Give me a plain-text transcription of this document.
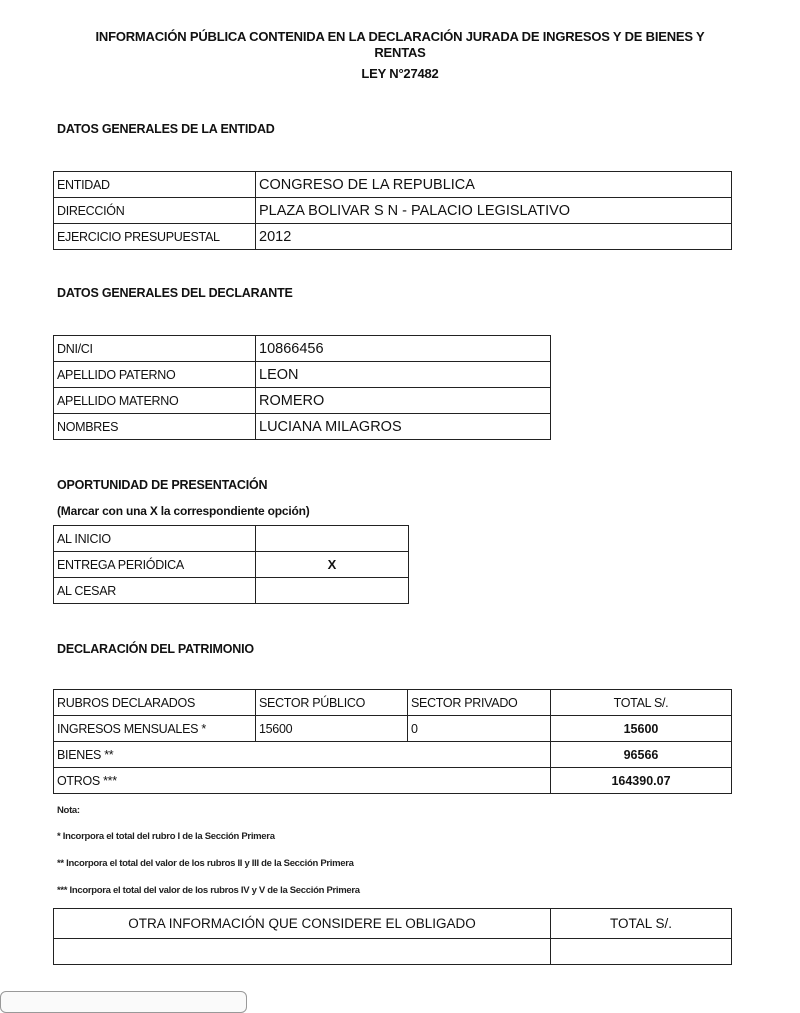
INFORMACIÓN PÚBLICA CONTENIDA EN LA DECLARACIÓN JURADA DE INGRESOS Y DE BIENES Y
RENTAS
LEY N°27482
DATOS GENERALES DE LA ENTIDAD
ENTIDAD	CONGRESO DE LA REPUBLICA
DIRECCIÓN	PLAZA BOLIVAR S N - PALACIO LEGISLATIVO
EJERCICIO PRESUPUESTAL	2012
DATOS GENERALES DEL DECLARANTE
DNI/CI	10866456
APELLIDO PATERNO	LEON
APELLIDO MATERNO	ROMERO
NOMBRES	LUCIANA MILAGROS
OPORTUNIDAD DE PRESENTACIÓN
(Marcar con una X la correspondiente opción)
AL INICIO	
ENTREGA PERIÓDICA	X
AL CESAR	
DECLARACIÓN DEL PATRIMONIO
RUBROS DECLARADOS	SECTOR PÚBLICO	SECTOR PRIVADO	TOTAL S/.
INGRESOS MENSUALES *	15600	0	15600
BIENES **			96566
OTROS ***			164390.07
Nota:
* Incorpora el total del rubro I de la Sección Primera
** Incorpora el total del valor de los rubros II y III de la Sección Primera
*** Incorpora el total del valor de los rubros IV y V de la Sección Primera
OTRA INFORMACIÓN QUE CONSIDERE EL OBLIGADO	TOTAL S/.
